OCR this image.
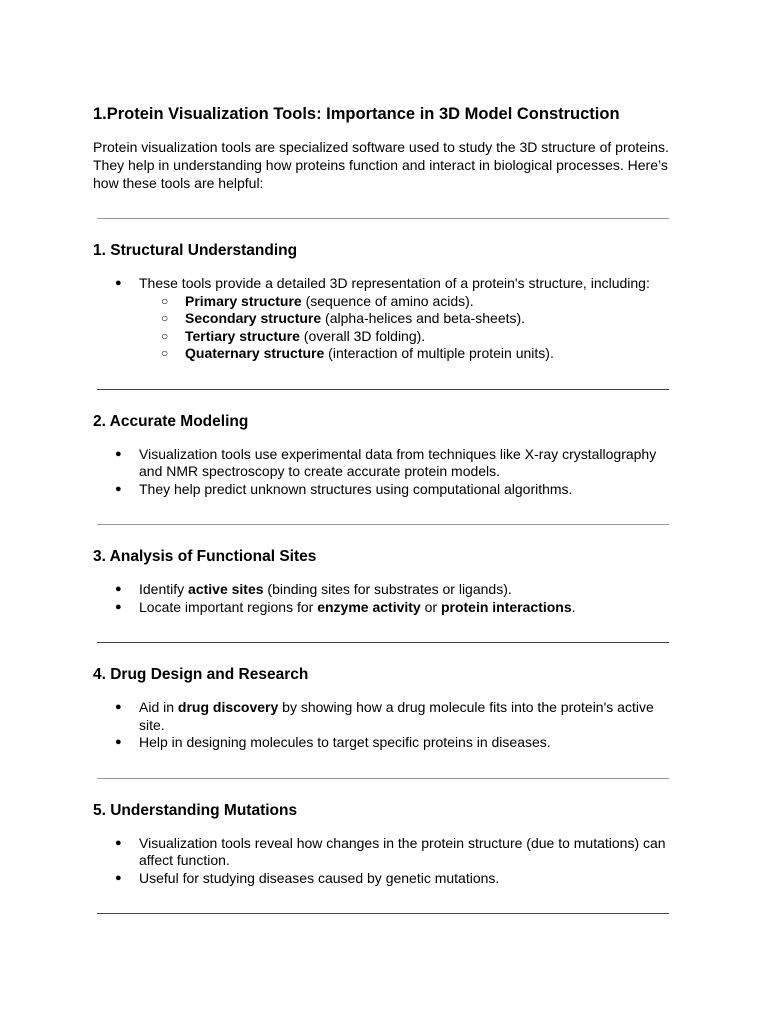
1.Protein Visualization Tools: Importance in 3D Model Construction

Protein visualization tools are specialized software used to study the 3D structure of proteins. They help in understanding how proteins function and interact in biological processes. Here’s how these tools are helpful:

1. Structural Understanding
● These tools provide a detailed 3D representation of a protein's structure, including:
○ Primary structure (sequence of amino acids).
○ Secondary structure (alpha-helices and beta-sheets).
○ Tertiary structure (overall 3D folding).
○ Quaternary structure (interaction of multiple protein units).
2. Accurate Modeling
● Visualization tools use experimental data from techniques like X-ray crystallography and NMR spectroscopy to create accurate protein models.
● They help predict unknown structures using computational algorithms.
3. Analysis of Functional Sites
● Identify active sites (binding sites for substrates or ligands).
● Locate important regions for enzyme activity or protein interactions.
4. Drug Design and Research
● Aid in drug discovery by showing how a drug molecule fits into the protein's active site.
● Help in designing molecules to target specific proteins in diseases.
5. Understanding Mutations
● Visualization tools reveal how changes in the protein structure (due to mutations) can affect function.
● Useful for studying diseases caused by genetic mutations.
